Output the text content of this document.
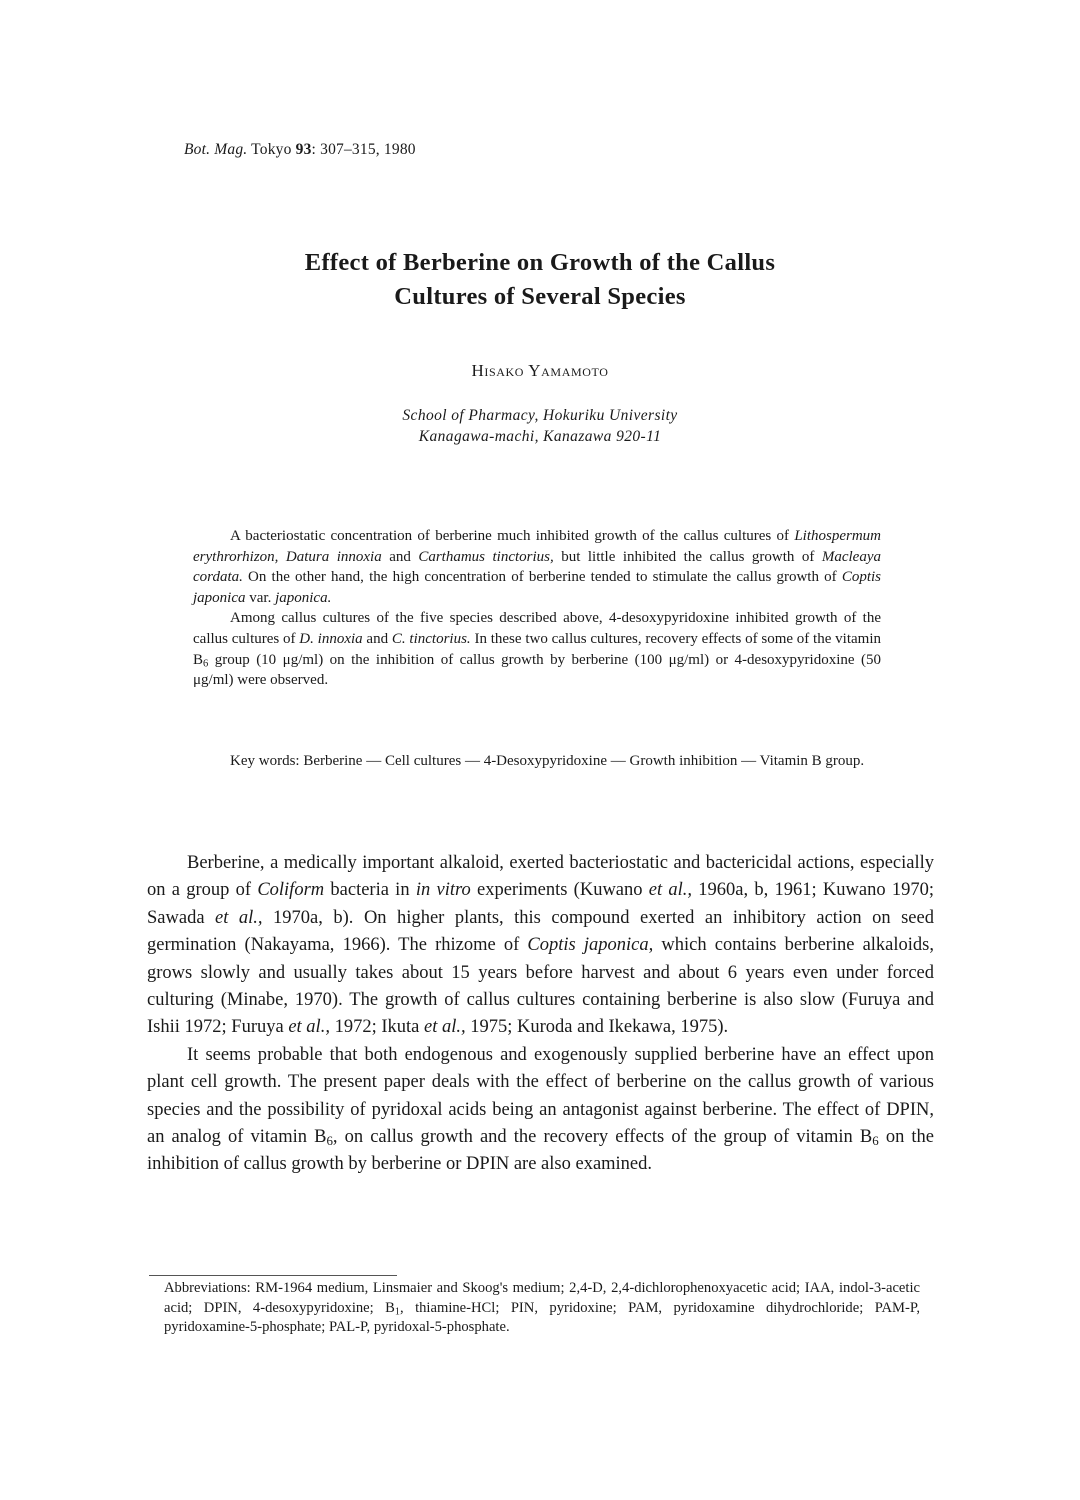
Bot. Mag. Tokyo 93: 307–315, 1980
Effect of Berberine on Growth of the Callus
Cultures of Several Species
Hisako Yamamoto
School of Pharmacy, Hokuriku University
Kanagawa-machi, Kanazawa 920-11

A bacteriostatic concentration of berberine much inhibited growth of the callus cultures of Lithospermum erythrorhizon, Datura innoxia and Carthamus tinctorius, but little inhibited the callus growth of Macleaya cordata. On the other hand, the high concentration of berberine tended to stimulate the callus growth of Coptis japonica var. japonica.

Among callus cultures of the five species described above, 4-desoxypyridoxine inhibited growth of the callus cultures of D. innoxia and C. tinctorius. In these two callus cultures, recovery effects of some of the vitamin $B_6$ group (10 μg/ml) on the inhibition of callus growth by berberine (100 μg/ml) or 4-desoxypyridoxine (50 μg/ml) were observed.

Key words: Berberine — Cell cultures — 4-Desoxypyridoxine — Growth inhibition — Vitamin B group.

Berberine, a medically important alkaloid, exerted bacteriostatic and bactericidal actions, especially on a group of Coliform bacteria in in vitro experiments (Kuwano et al., 1960a, b, 1961; Kuwano 1970; Sawada et al., 1970a, b). On higher plants, this compound exerted an inhibitory action on seed germination (Nakayama, 1966). The rhizome of Coptis japonica, which contains berberine alkaloids, grows slowly and usually takes about 15 years before harvest and about 6 years even under forced culturing (Minabe, 1970). The growth of callus cultures containing berberine is also slow (Furuya and Ishii 1972; Furuya et al., 1972; Ikuta et al., 1975; Kuroda and Ikekawa, 1975).

It seems probable that both endogenous and exogenously supplied berberine have an effect upon plant cell growth. The present paper deals with the effect of berberine on the callus growth of various species and the possibility of pyridoxal acids being an antagonist against berberine. The effect of DPIN, an analog of vitamin $B_6$, on callus growth and the recovery effects of the group of vitamin $B_6$ on the inhibition of callus growth by berberine or DPIN are also examined.

Abbreviations: RM-1964 medium, Linsmaier and Skoog's medium; 2,4-D, 2,4-dichlorophenoxyacetic acid; IAA, indol-3-acetic acid; DPIN, 4-desoxypyridoxine; $B_1$, thiamine-HCl; PIN, pyridoxine; PAM, pyridoxamine dihydrochloride; PAM-P, pyridoxamine-5-phosphate; PAL-P, pyridoxal-5-phosphate.
